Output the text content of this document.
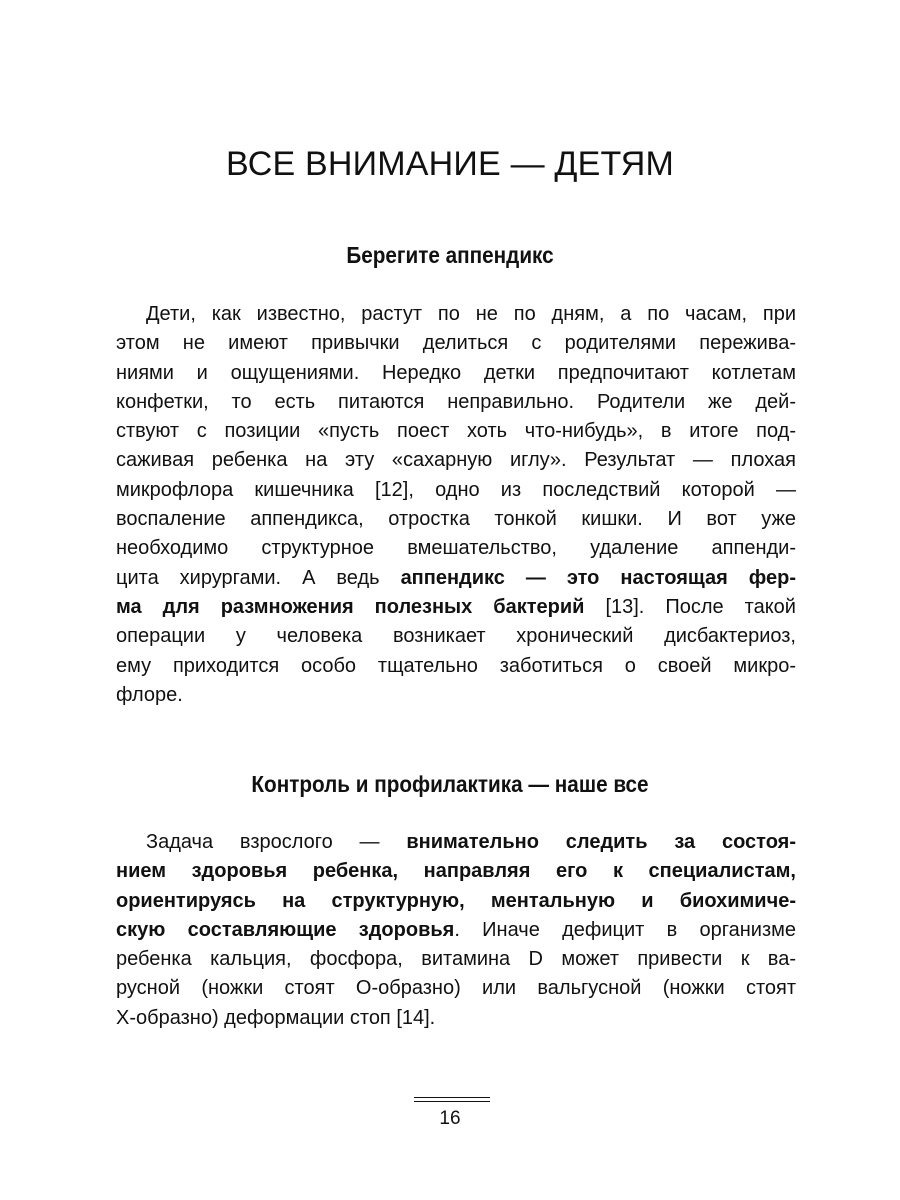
ВСЕ ВНИМАНИЕ — ДЕТЯМ
Берегите аппендикс
Дети, как известно, растут по не по дням, а по часам, при
этом не имеют привычки делиться с родителями пережива-
ниями и ощущениями. Нередко детки предпочитают котлетам
конфетки, то есть питаются неправильно. Родители же дей-
ствуют с позиции «пусть поест хоть что-нибудь», в итоге под-
саживая ребенка на эту «сахарную иглу». Результат — плохая
микрофлора кишечника [12], одно из последствий которой —
воспаление аппендикса, отростка тонкой кишки. И вот уже
необходимо структурное вмешательство, удаление аппенди-
цита хирургами. А ведь аппендикс — это настоящая фер-
ма для размножения полезных бактерий [13]. После такой
операции у человека возникает хронический дисбактериоз,
ему приходится особо тщательно заботиться о своей микро-
флоре.
Контроль и профилактика — наше все
Задача взрослого — внимательно следить за состоя-
нием здоровья ребенка, направляя его к специалистам,
ориентируясь на структурную, ментальную и биохимиче-
скую составляющие здоровья. Иначе дефицит в организме
ребенка кальция, фосфора, витамина D может привести к ва-
русной (ножки стоят О-образно) или вальгусной (ножки стоят
Х-образно) деформации стоп [14].
16
